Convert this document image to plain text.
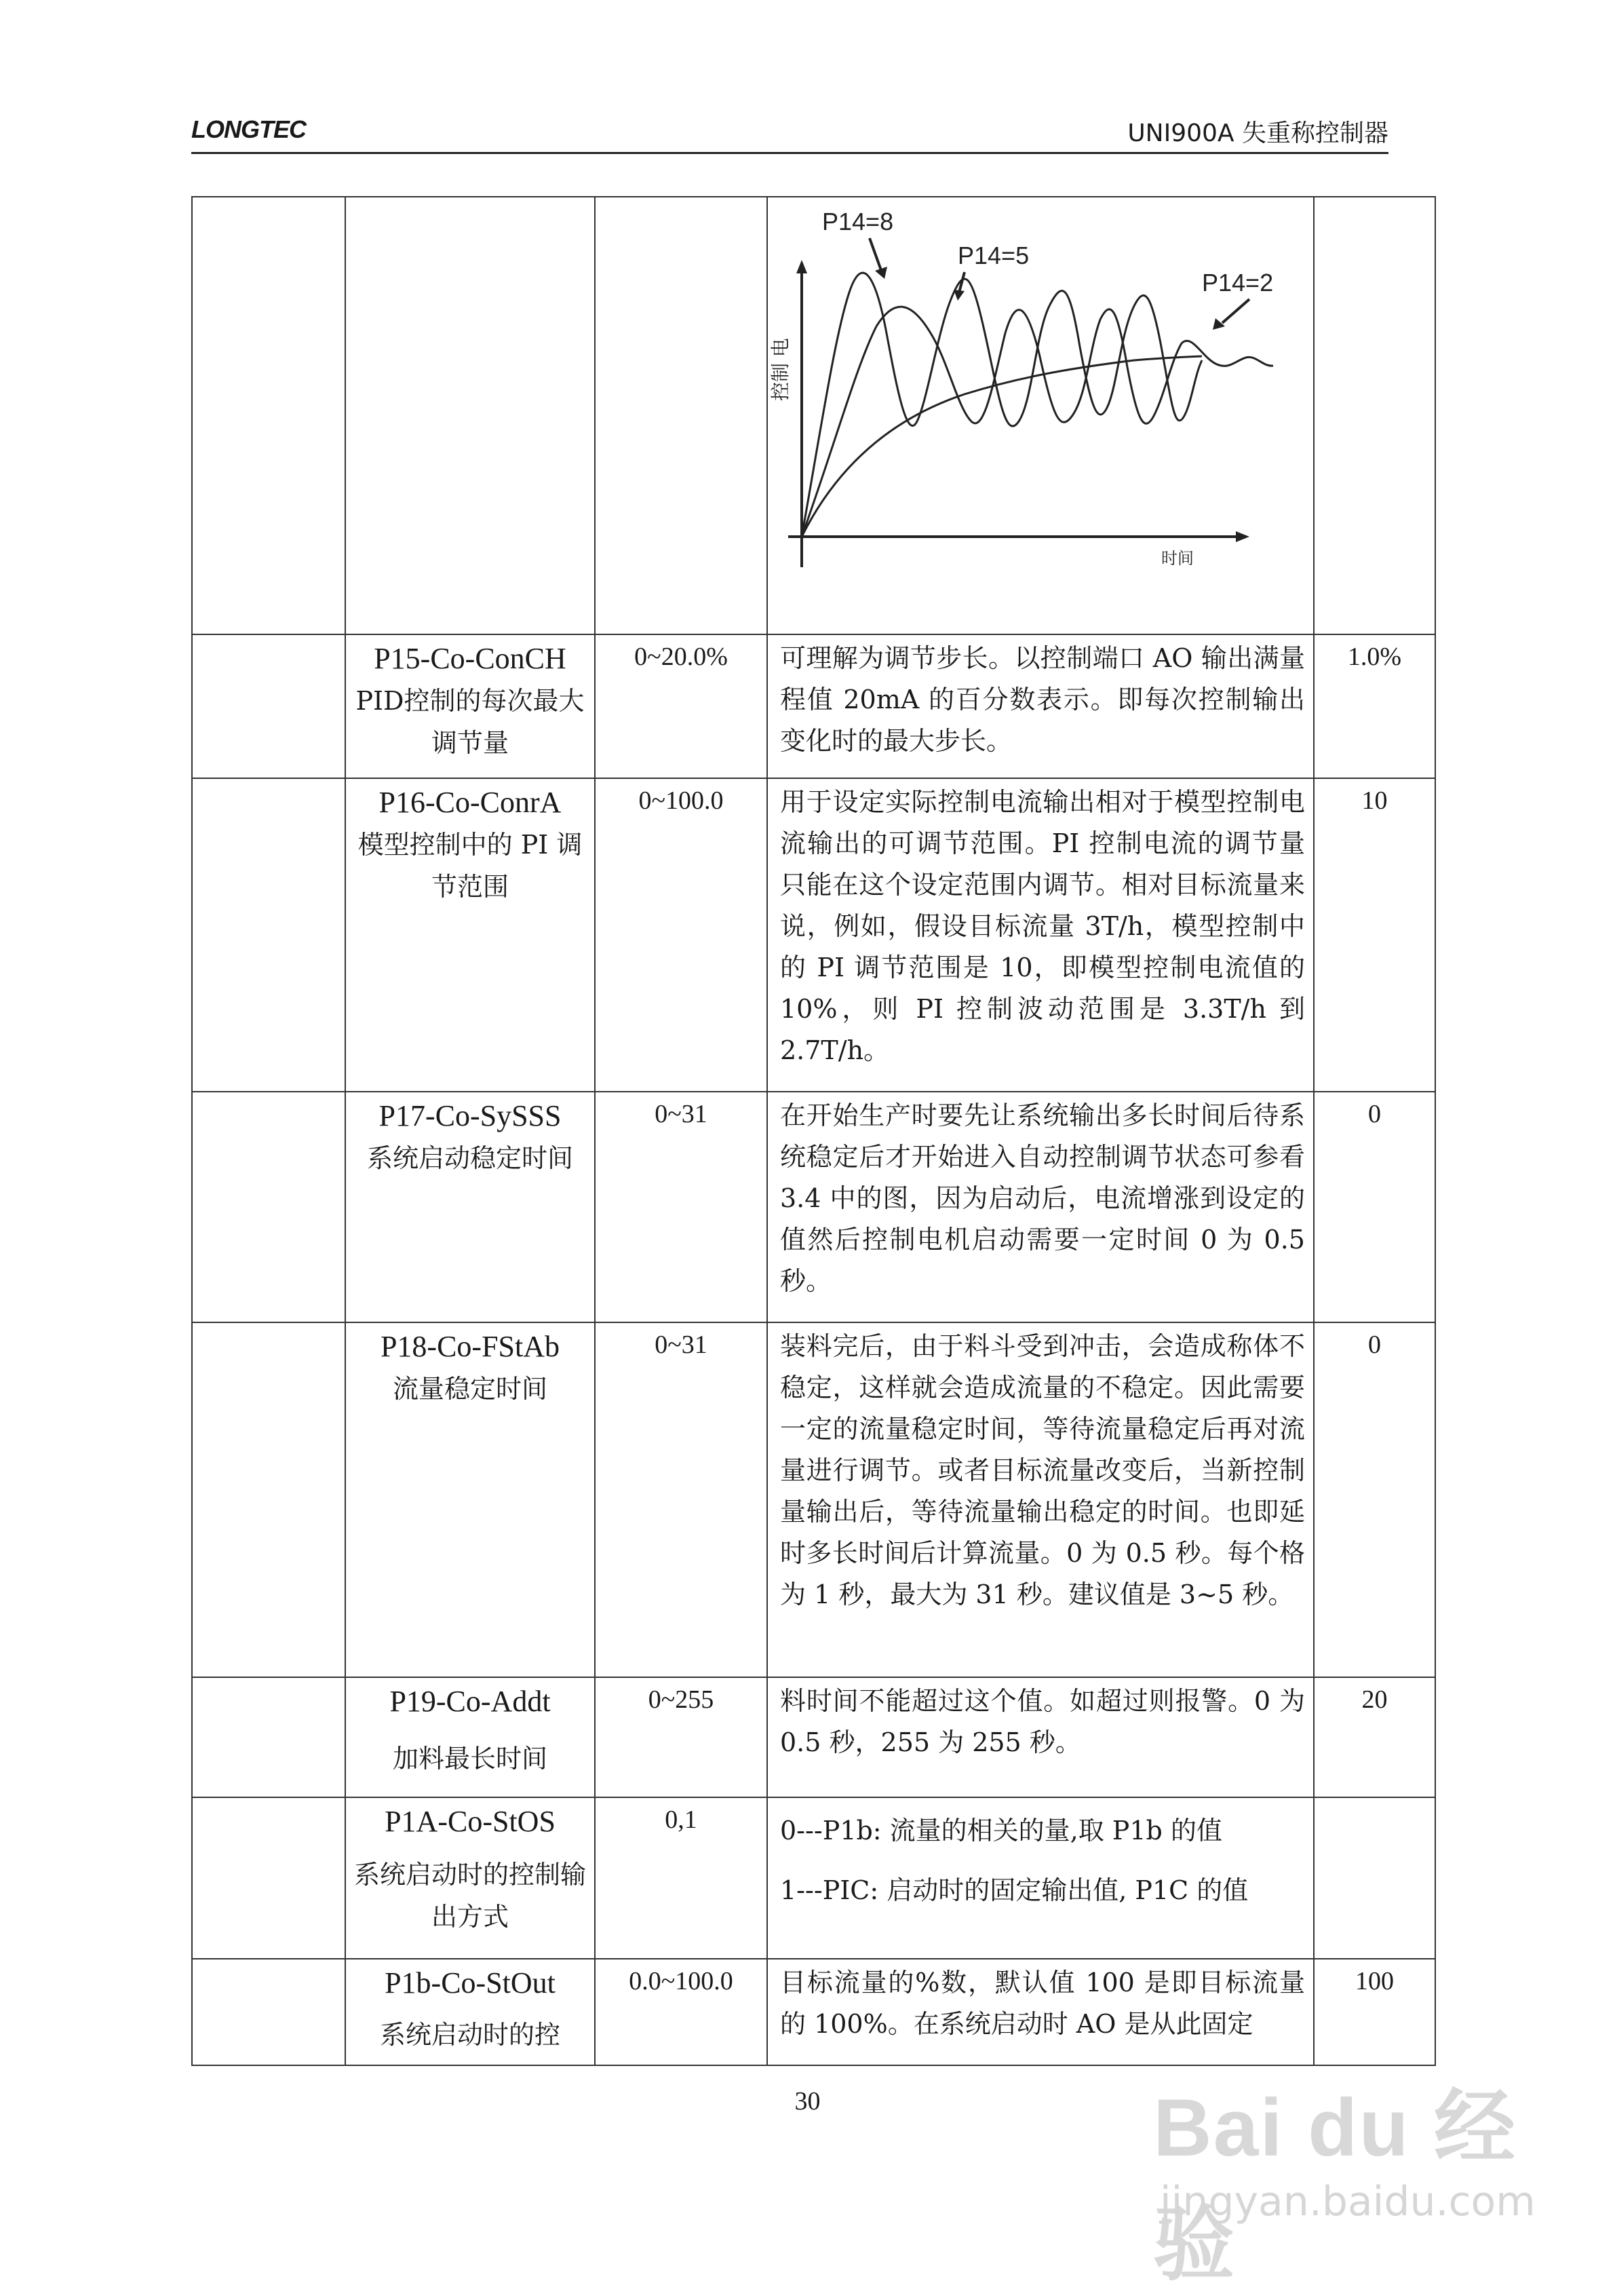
LONGTEC	UNI900A 失重称控制器

P14=8
P14=5
P14=2
控制 电
时间	

	P15-Co-ConCH
PID控制的每次最大调节量	0~20.0%	可理解为调节步长。以控制端口 AO 输出满量程值 20mA 的百分数表示。即每次控制输出变化时的最大步长。	1.0%

	P16-Co-ConrA
模型控制中的 PI 调节范围	0~100.0	用于设定实际控制电流输出相对于模型控制电流输出的可调节范围。PI 控制电流的调节量只能在这个设定范围内调节。相对目标流量来说，例如，假设目标流量 3T/h，模型控制中的 PI 调节范围是 10，即模型控制电流值的 10%，则 PI 控制波动范围是 3.3T/h 到 2.7T/h。	10

	P17-Co-SySSS
系统启动稳定时间	0~31	在开始生产时要先让系统输出多长时间后待系统稳定后才开始进入自动控制调节状态可参看 3.4 中的图，因为启动后，电流增涨到设定的值然后控制电机启动需要一定时间 0 为 0.5 秒。	0

	P18-Co-FStAb
流量稳定时间	0~31	装料完后，由于料斗受到冲击，会造成称体不稳定，这样就会造成流量的不稳定。因此需要一定的流量稳定时间，等待流量稳定后再对流量进行调节。或者目标流量改变后，当新控制量输出后，等待流量输出稳定的时间。也即延时多长时间后计算流量。0 为 0.5 秒。每个格为 1 秒，最大为 31 秒。建议值是 3~5 秒。	0

	P19-Co-Addt
加料最长时间	0~255	料时间不能超过这个值。如超过则报警。0 为 0.5 秒，255 为 255 秒。	20

	P1A-Co-StOS
系统启动时的控制输出方式	0,1	0---P1b: 流量的相关的量,取 P1b 的值
1---PIC: 启动时的固定输出值, P1C 的值	

	P1b-Co-StOut
系统启动时的控	0.0~100.0	目标流量的%数，默认值 100 是即目标流量的 100%。在系统启动时 AO 是从此固定	100
30	Bai du 经验
jingyan.baidu.com
